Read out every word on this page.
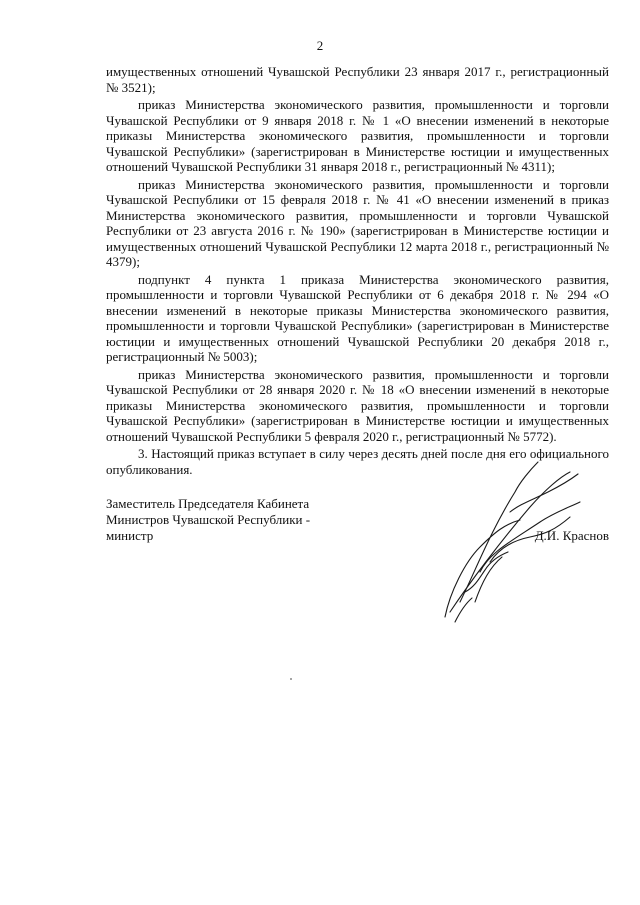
2

имущественных отношений Чувашской Республики 23 января 2017 г., регистрационный № 3521);

приказ Министерства экономического развития, промышленности и торговли Чувашской Республики от 9 января 2018 г. № 1 «О внесении изменений в некоторые приказы Министерства экономического развития, промышленности и торговли Чувашской Республики» (зарегистрирован в Министерстве юстиции и имущественных отношений Чувашской Республики 31 января 2018 г., регистрационный № 4311);

приказ Министерства экономического развития, промышленности и торговли Чувашской Республики от 15 февраля 2018 г. № 41 «О внесении изменений в приказ Министерства экономического развития, промышленности и торговли Чувашской Республики от 23 августа 2016 г. № 190» (зарегистрирован в Министерстве юстиции и имущественных отношений Чувашской Республики 12 марта 2018 г., регистрационный № 4379);

подпункт 4 пункта 1 приказа Министерства экономического развития, промышленности и торговли Чувашской Республики от 6 декабря 2018 г. № 294 «О внесении изменений в некоторые приказы Министерства экономического развития, промышленности и торговли Чувашской Республики» (зарегистрирован в Министерстве юстиции и имущественных отношений Чувашской Республики 20 декабря 2018 г., регистрационный № 5003);

приказ Министерства экономического развития, промышленности и торговли Чувашской Республики от 28 января 2020 г. № 18 «О внесении изменений в некоторые приказы Министерства экономического развития, промышленности и торговли Чувашской Республики» (зарегистрирован в Министерстве юстиции и имущественных отношений Чувашской Республики 5 февраля 2020 г., регистрационный № 5772).

3. Настоящий приказ вступает в силу через десять дней после дня его официального опубликования.

Заместитель Председателя Кабинета
Министров Чувашской Республики -
министр	Д.И. Краснов
